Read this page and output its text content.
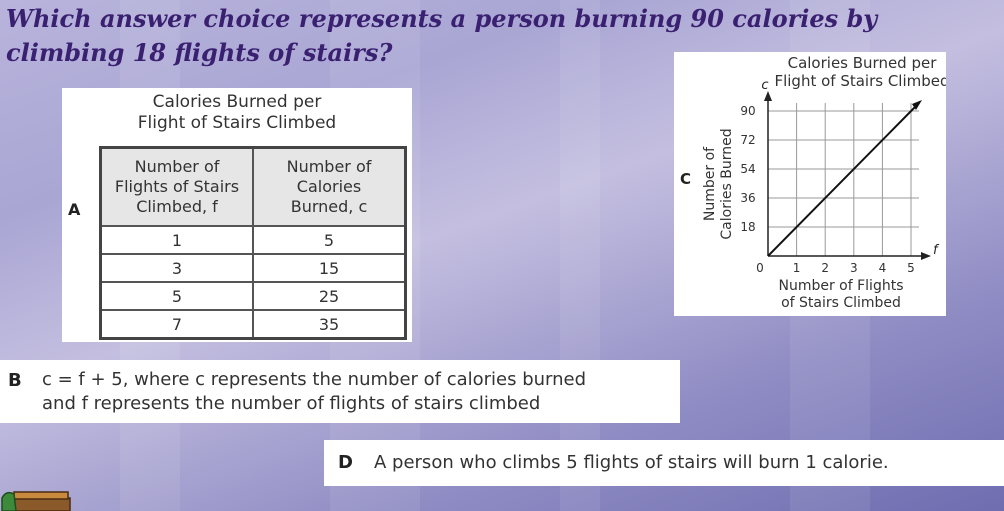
Which answer choice represents a person burning 90 calories by climbing 18 flights of stairs?
Calories Burned per
Flight of Stairs Climbed
A
Number of
Flights of Stairs
Climbed, f	Number of
Calories
Burned, c
1	5
3	15
5	25
7	35
Calories Burned per
Flight of Stairs Climbed
C
f
c
0 1 2 3 4 5
18
36
54
72
90
Number of Calories Burned
Number of Flights
of Stairs Climbed
B c = f + 5, where c represents the number of calories burned
and f represents the number of flights of stairs climbed
D A person who climbs 5 flights of stairs will burn 1 calorie.
